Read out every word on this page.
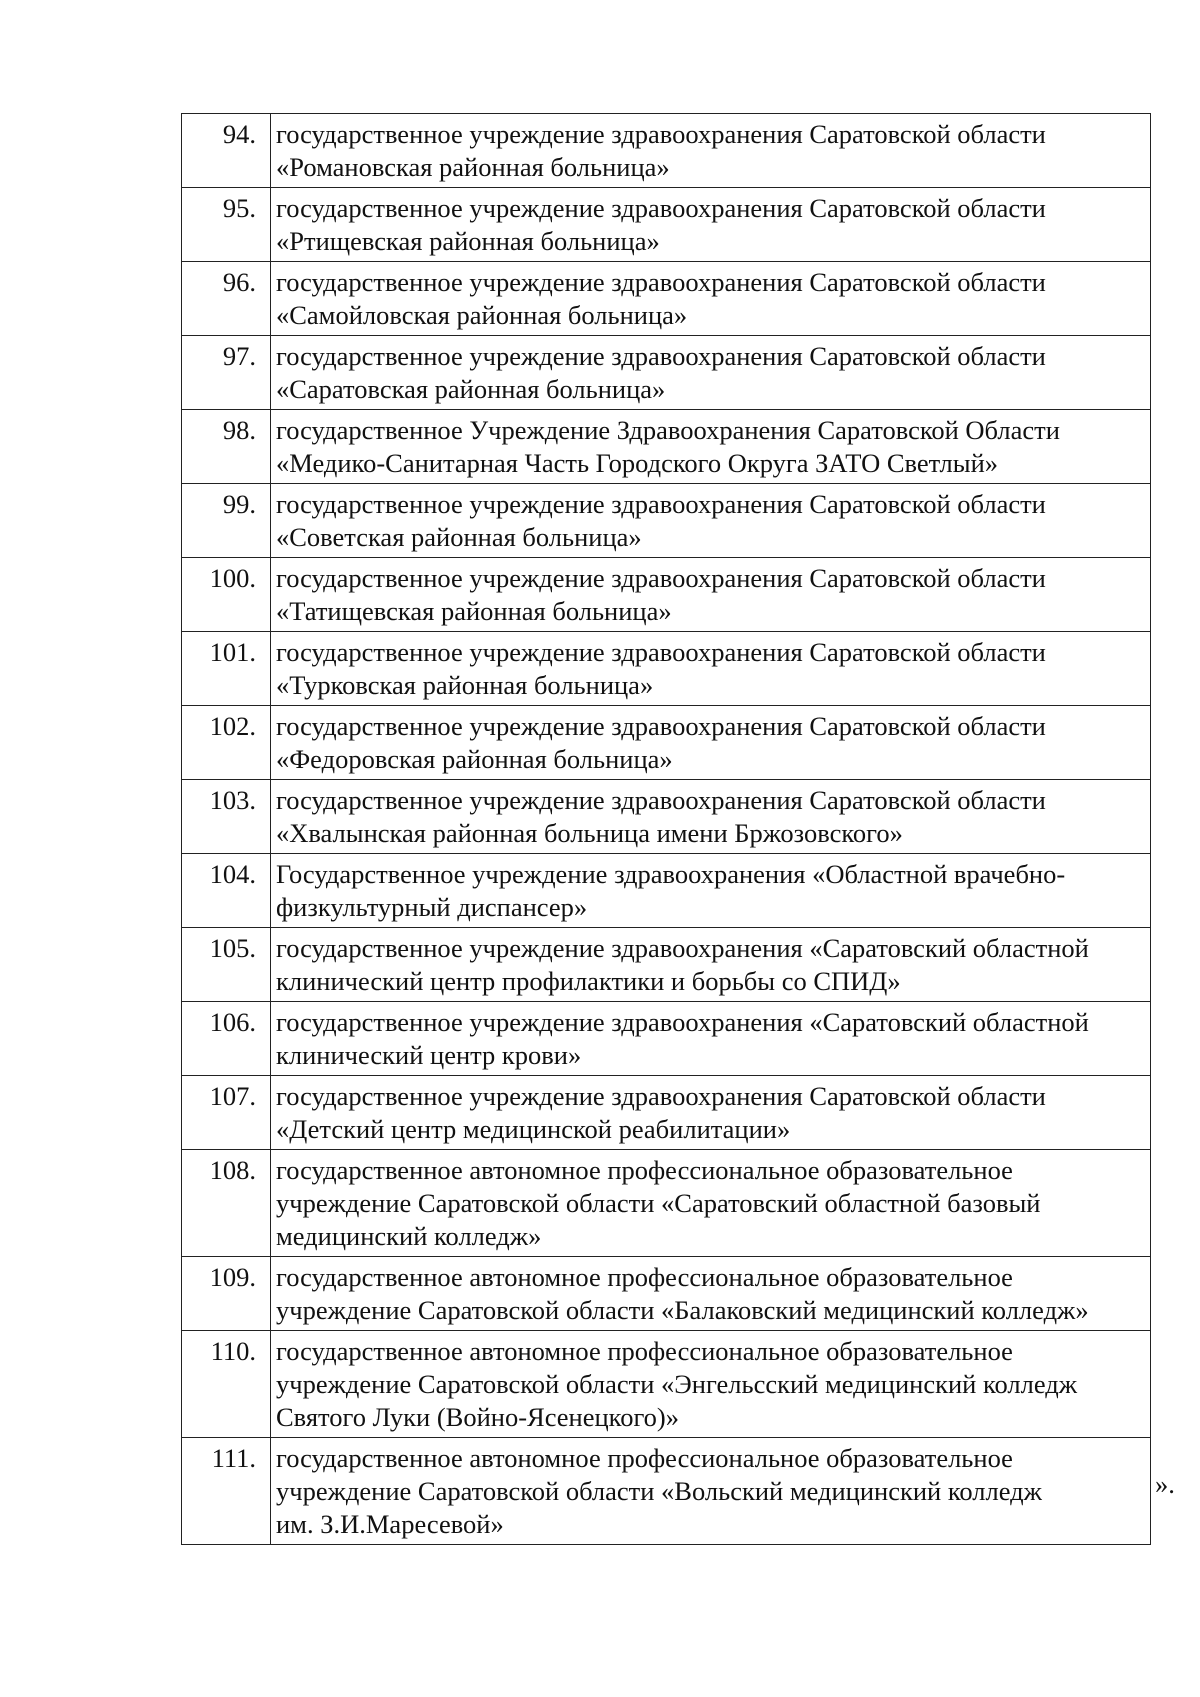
94.	государственное учреждение здравоохранения Саратовской области
«Романовская районная больница»

95.	государственное учреждение здравоохранения Саратовской области
«Ртищевская районная больница»

96.	государственное учреждение здравоохранения Саратовской области
«Самойловская районная больница»

97.	государственное учреждение здравоохранения Саратовской области
«Саратовская районная больница»

98.	государственное Учреждение Здравоохранения Саратовской Области
«Медико-Санитарная Часть Городского Округа ЗАТО Светлый»

99.	государственное учреждение здравоохранения Саратовской области
«Советская районная больница»

100.	государственное учреждение здравоохранения Саратовской области
«Татищевская районная больница»

101.	государственное учреждение здравоохранения Саратовской области
«Турковская районная больница»

102.	государственное учреждение здравоохранения Саратовской области
«Федоровская районная больница»

103.	государственное учреждение здравоохранения Саратовской области
«Хвалынская районная больница имени Бржозовского»

104.	Государственное учреждение здравоохранения «Областной врачебно-
физкультурный диспансер»

105.	государственное учреждение здравоохранения «Саратовский областной
клинический центр профилактики и борьбы со СПИД»

106.	государственное учреждение здравоохранения «Саратовский областной
клинический центр крови»

107.	государственное учреждение здравоохранения Саратовской области
«Детский центр медицинской реабилитации»

108.	государственное автономное профессиональное образовательное
учреждение Саратовской области «Саратовский областной базовый
медицинский колледж»

109.	государственное автономное профессиональное образовательное
учреждение Саратовской области «Балаковский медицинский колледж»

110.	государственное автономное профессиональное образовательное
учреждение Саратовской области «Энгельсский медицинский колледж
Святого Луки (Войно-Ясенецкого)»

111.	государственное автономное профессиональное образовательное
учреждение Саратовской области «Вольский медицинский колледж
им. З.И.Маресевой»
».
